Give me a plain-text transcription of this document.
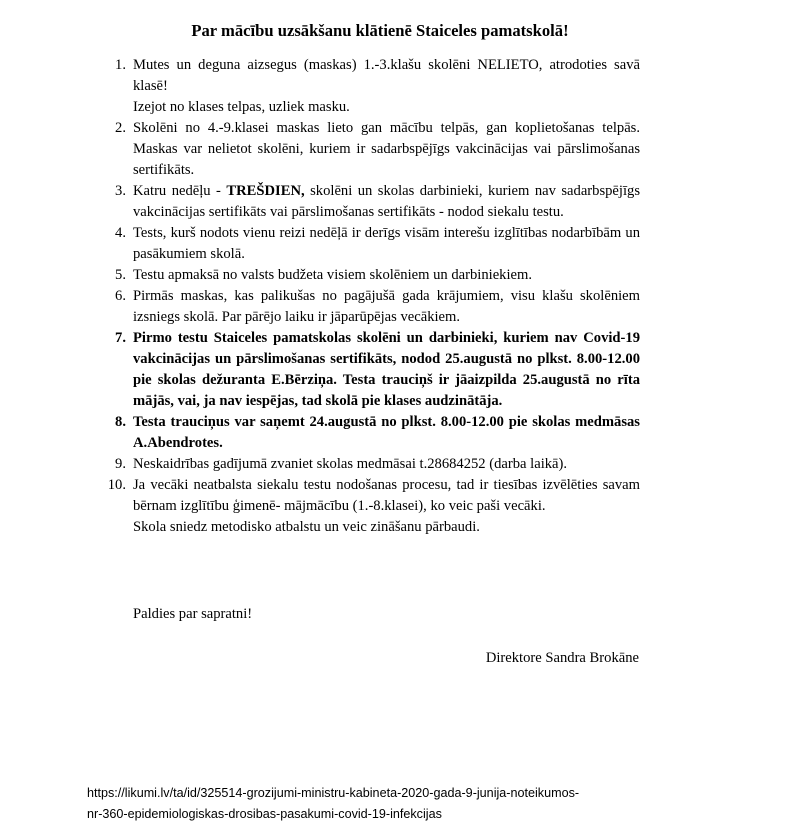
Par mācību uzsākšanu klātienē Staiceles pamatskolā!
1. Mutes un deguna aizsegus (maskas) 1.-3.klašu skolēni NELIETO, atrodoties savā klasē!
Izejot no klases telpas, uzliek masku.
2. Skolēni no 4.-9.klasei maskas lieto gan mācību telpās, gan koplietošanas telpās. Maskas var nelietot skolēni, kuriem ir sadarbspējīgs vakcinācijas vai pārslimošanas sertifikāts.
3. Katru nedēļu - TREŠDIEN, skolēni un skolas darbinieki, kuriem nav sadarbspējīgs vakcinācijas sertifikāts vai pārslimošanas sertifikāts - nodod siekalu testu.
4. Tests, kurš nodots vienu reizi nedēļā ir derīgs visām interešu izglītības nodarbībām un pasākumiem skolā.
5. Testu apmaksā no valsts budžeta visiem skolēniem un darbiniekiem.
6. Pirmās maskas, kas palikušas no pagājušā gada krājumiem, visu klašu skolēniem izsniegs skolā. Par pārējo laiku ir jāparūpējas vecākiem.
7. Pirmo testu Staiceles pamatskolas skolēni un darbinieki, kuriem nav Covid-19 vakcinācijas un pārslimošanas sertifikāts, nodod 25.augustā no plkst. 8.00-12.00 pie skolas dežuranta E.Bērziņa. Testa trauciņš ir jāaizpilda 25.augustā no rīta mājās, vai, ja nav iespējas, tad skolā pie klases audzinātāja.
8. Testa trauciņus var saņemt 24.augustā no plkst. 8.00-12.00 pie skolas medmāsas A.Abendrotes.
9. Neskaidrības gadījumā zvaniet skolas medmāsai t.28684252 (darba laikā).
10. Ja vecāki neatbalsta siekalu testu nodošanas procesu, tad ir tiesības izvēlēties savam bērnam izglītību ģimenē- mājmācību (1.-8.klasei), ko veic paši vecāki.
Skola sniedz metodisko atbalstu un veic zināšanu pārbaudi.
Paldies par sapratni!
Direktore Sandra Brokāne
https://likumi.lv/ta/id/325514-grozijumi-ministru-kabineta-2020-gada-9-junija-noteikumos-
nr-360-epidemiologiskas-drosibas-pasakumi-covid-19-infekcijas
